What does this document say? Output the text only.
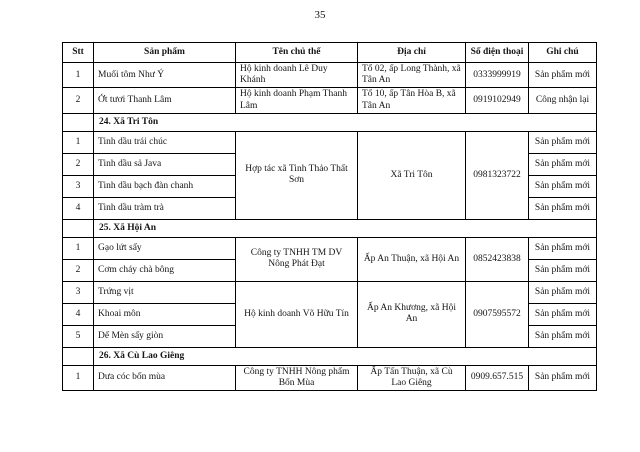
35
Stt	Sản phẩm	Tên chủ thể	Địa chỉ	Số điện thoại	Ghi chú
1	Muối tôm Như Ý	Hộ kinh doanh Lê Duy Khánh	Tổ 02, ấp Long Thành, xã Tân An	0333999919	Sản phẩm mới
2	Ớt tươi Thanh Lâm	Hộ kinh doanh Phạm Thanh Lâm	Tổ 10, ấp Tân Hòa B, xã Tân An	0919102949	Công nhận lại
	24. Xã Tri Tôn				
1	Tinh dầu trái chúc	Hợp tác xã Tinh Thảo Thất Sơn	Xã Tri Tôn	0981323722	Sản phẩm mới
2	Tinh dầu sả Java				Sản phẩm mới
3	Tinh dầu bạch đàn chanh				Sản phẩm mới
4	Tinh dầu tràm trà				Sản phẩm mới
	25. Xã Hội An				
1	Gạo lứt sấy	Công ty TNHH TM DV Nông Phát Đạt	Ấp An Thuận, xã Hội An	0852423838	Sản phẩm mới
2	Cơm cháy chà bông				Sản phẩm mới
3	Trứng vịt	Hộ kinh doanh Võ Hữu Tín	Ấp An Khương, xã Hội An	0907595572	Sản phẩm mới
4	Khoai môn				Sản phẩm mới
5	Dế Mèn sấy giòn				Sản phẩm mới
	26. Xã Cù Lao Giêng				
1	Dưa cóc bốn mùa	Công ty TNHH Nông phẩm Bốn Mùa	Ấp Tấn Thuận, xã Cù Lao Giêng	0909.657.515	Sản phẩm mới
